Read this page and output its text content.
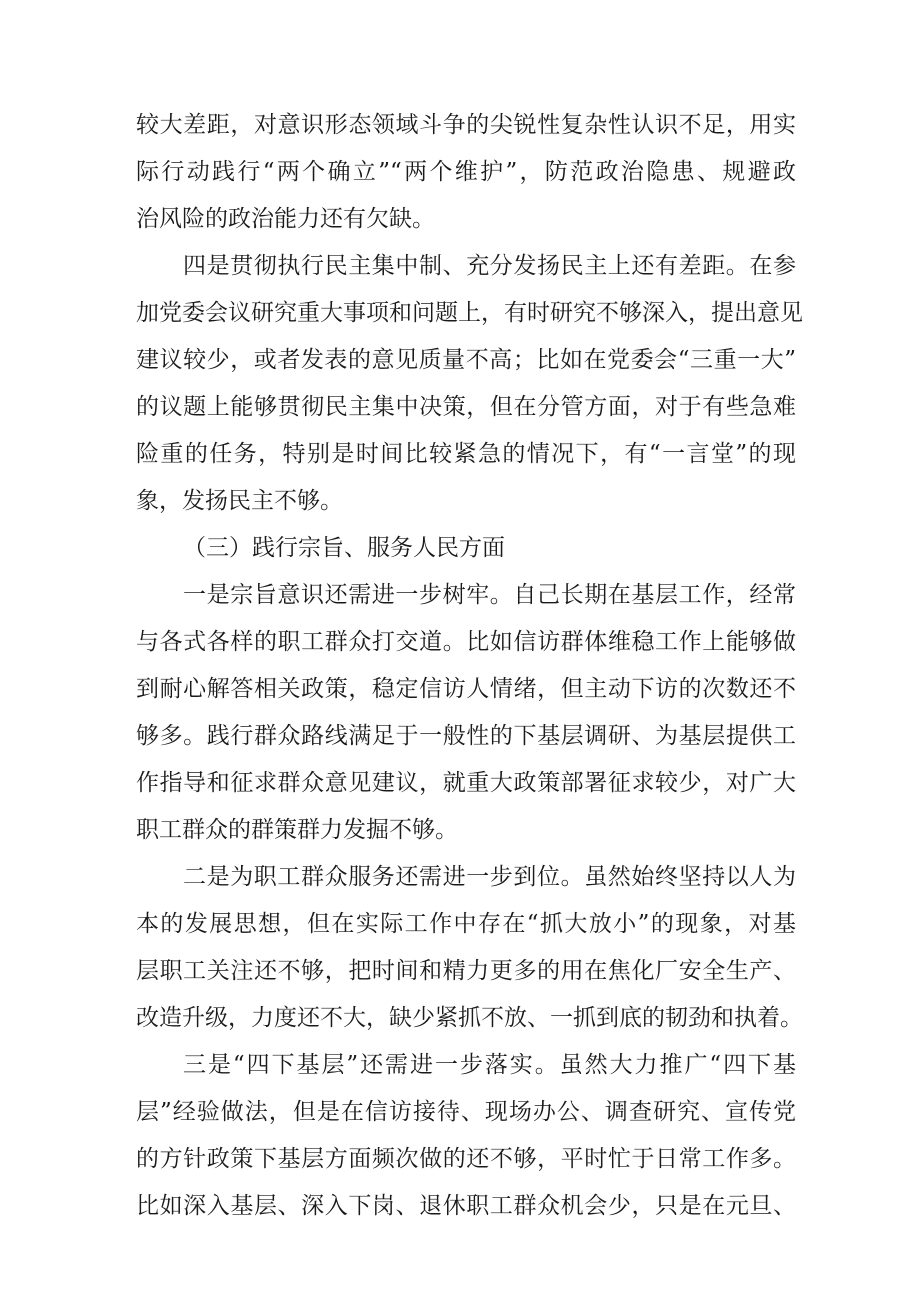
较大差距，对意识形态领域斗争的尖锐性复杂性认识不足，用实
际行动践行“两个确立”“两个维护”，防范政治隐患、规避政
治风险的政治能力还有欠缺。
四是贯彻执行民主集中制、充分发扬民主上还有差距。在参
加党委会议研究重大事项和问题上，有时研究不够深入，提出意见
建议较少，或者发表的意见质量不高；比如在党委会“三重一大”
的议题上能够贯彻民主集中决策，但在分管方面，对于有些急难
险重的任务，特别是时间比较紧急的情况下，有“一言堂”的现
象，发扬民主不够。
（三）践行宗旨、服务人民方面
一是宗旨意识还需进一步树牢。自己长期在基层工作，经常
与各式各样的职工群众打交道。比如信访群体维稳工作上能够做
到耐心解答相关政策，稳定信访人情绪，但主动下访的次数还不
够多。践行群众路线满足于一般性的下基层调研、为基层提供工
作指导和征求群众意见建议，就重大政策部署征求较少，对广大
职工群众的群策群力发掘不够。
二是为职工群众服务还需进一步到位。虽然始终坚持以人为
本的发展思想，但在实际工作中存在“抓大放小”的现象，对基
层职工关注还不够，把时间和精力更多的用在焦化厂安全生产、
改造升级，力度还不大，缺少紧抓不放、一抓到底的韧劲和执着。
三是“四下基层”还需进一步落实。虽然大力推广“四下基
层”经验做法，但是在信访接待、现场办公、调查研究、宣传党
的方针政策下基层方面频次做的还不够，平时忙于日常工作多。
比如深入基层、深入下岗、退休职工群众机会少，只是在元旦、
